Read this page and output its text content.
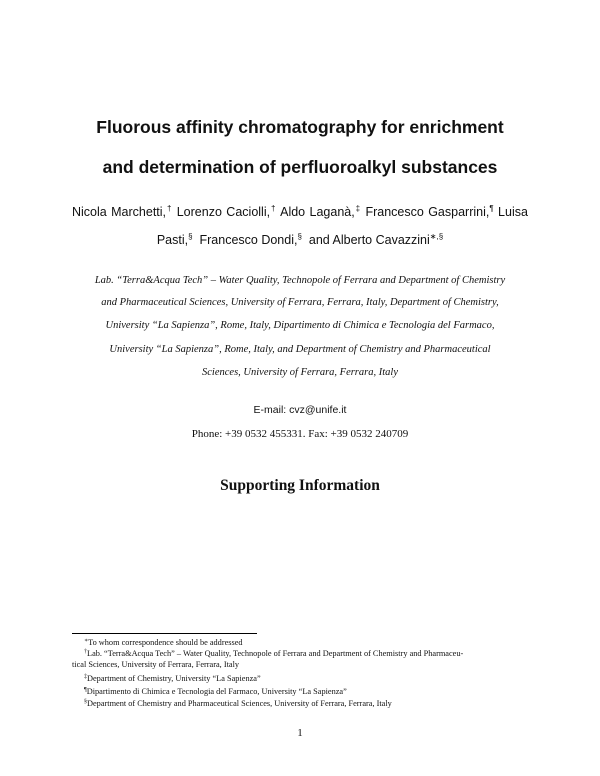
Fluorous affinity chromatography for enrichment
and determination of perfluoroalkyl substances
Nicola Marchetti,† Lorenzo Caciolli,† Aldo Laganà,‡ Francesco Gasparrini,¶ Luisa
Pasti,§ Francesco Dondi,§ and Alberto Cavazzini∗,§
Lab. “Terra&Acqua Tech” – Water Quality, Technopole of Ferrara and Department of Chemistry
and Pharmaceutical Sciences, University of Ferrara, Ferrara, Italy, Department of Chemistry,
University “La Sapienza”, Rome, Italy, Dipartimento di Chimica e Tecnologia del Farmaco,
University “La Sapienza”, Rome, Italy, and Department of Chemistry and Pharmaceutical
Sciences, University of Ferrara, Ferrara, Italy
E-mail: cvz@unife.it
Phone: +39 0532 455331. Fax: +39 0532 240709
Supporting Information
∗To whom correspondence should be addressed
†Lab. “Terra&Acqua Tech” – Water Quality, Technopole of Ferrara and Department of Chemistry and Pharmaceu-
tical Sciences, University of Ferrara, Ferrara, Italy
‡Department of Chemistry, University “La Sapienza”
¶Dipartimento di Chimica e Tecnologia del Farmaco, University “La Sapienza”
§Department of Chemistry and Pharmaceutical Sciences, University of Ferrara, Ferrara, Italy
1
